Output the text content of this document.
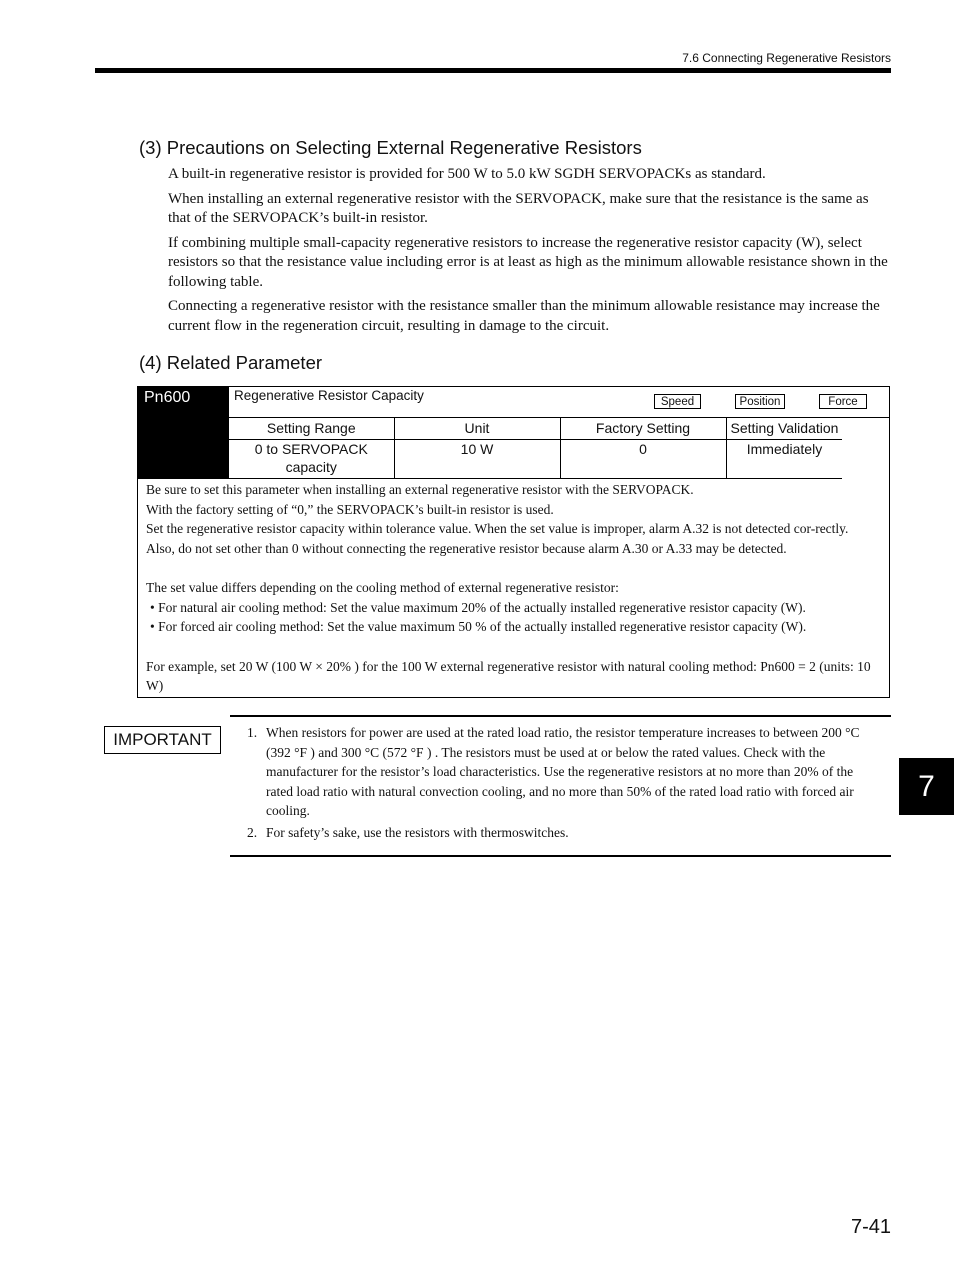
7.6 Connecting Regenerative Resistors
(3) Precautions on Selecting External Regenerative Resistors

A built-in regenerative resistor is provided for 500 W to 5.0 kW SGDH SERVOPACKs as standard.

When installing an external regenerative resistor with the SERVOPACK, make sure that the resistance is the same as that of the SERVOPACK’s built-in resistor.

If combining multiple small-capacity regenerative resistors to increase the regenerative resistor capacity (W), select resistors so that the resistance value including error is at least as high as the minimum allowable resistance shown in the following table.

Connecting a regenerative resistor with the resistance smaller than the minimum allowable resistance may increase the current flow in the regeneration circuit, resulting in damage to the circuit.

(4) Related Parameter
Pn600	Regenerative Resistor Capacity	Speed	Position	Force
Setting Range	Unit	Factory Setting	Setting Validation
0 to SERVOPACK capacity	10 W	0	Immediately

Be sure to set this parameter when installing an external regenerative resistor with the SERVOPACK.

With the factory setting of “0,” the SERVOPACK’s built-in resistor is used.

Set the regenerative resistor capacity within tolerance value. When the set value is improper, alarm A.32 is not detected cor-rectly. Also, do not set other than 0 without connecting the regenerative resistor because alarm A.30 or A.33 may be detected.

The set value differs depending on the cooling method of external regenerative resistor:

• For natural air cooling method: Set the value maximum 20% of the actually installed regenerative resistor capacity (W).

• For forced air cooling method: Set the value maximum 50 % of the actually installed regenerative resistor capacity (W).

For example, set 20 W (100 W × 20% ) for the 100 W external regenerative resistor with natural cooling method: Pn600 = 2 (units: 10 W)

IMPORTANT	1. When resistors for power are used at the rated load ratio, the resistor temperature increases to between 200 °C (392 °F ) and 300 °C (572 °F ) . The resistors must be used at or below the rated values. Check with the manufacturer for the resistor’s load characteristics. Use the regenerative resistors at no more than 20% of the rated load ratio with natural convection cooling, and no more than 50% of the rated load ratio with forced air cooling.
2. For safety’s sake, use the resistors with thermoswitches.
7
7-41
